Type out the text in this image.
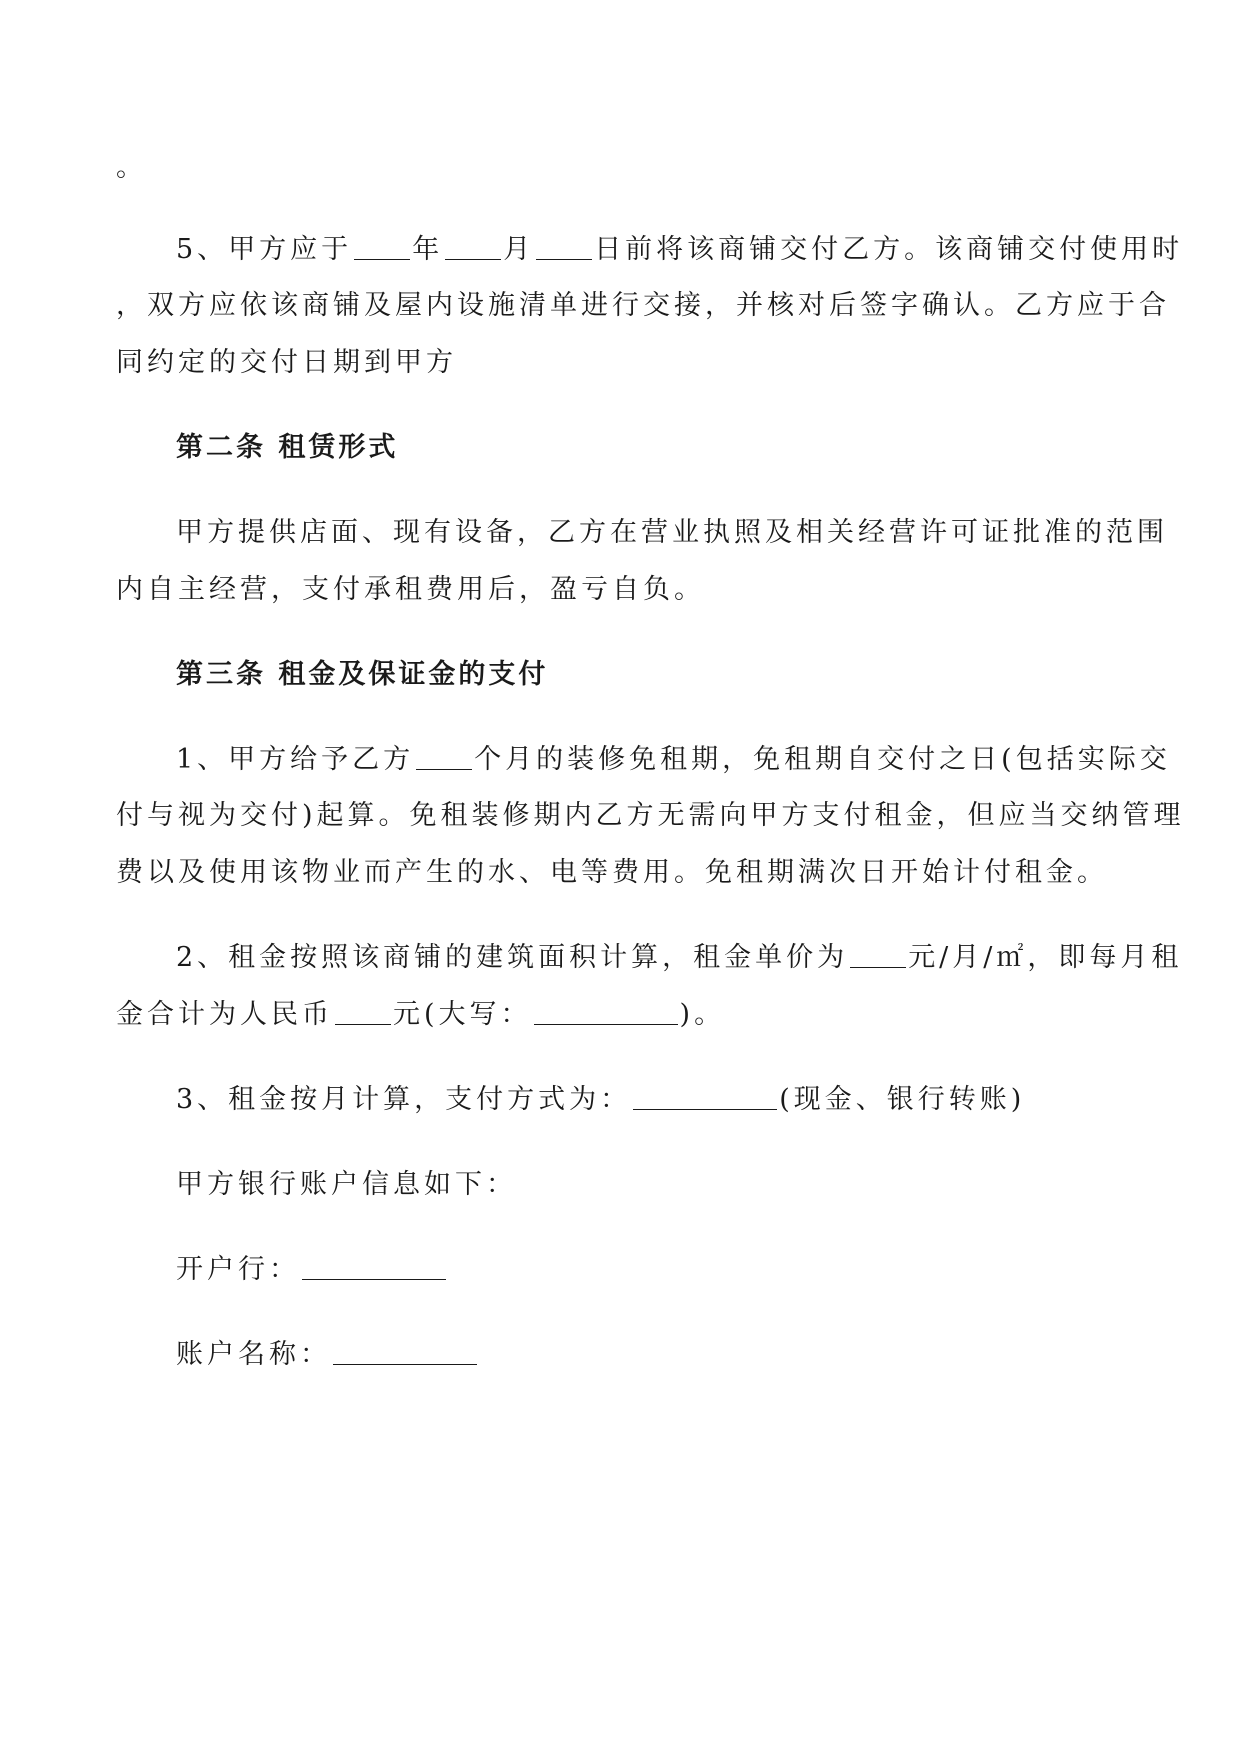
。
5、甲方应于 年 月 日前将该商铺交付乙方。该商铺交付使用时
，双方应依该商铺及屋内设施清单进行交接，并核对后签字确认。乙方应于合
同约定的交付日期到甲方
第二条 租赁形式
甲方提供店面、现有设备，乙方在营业执照及相关经营许可证批准的范围
内自主经营，支付承租费用后，盈亏自负。
第三条 租金及保证金的支付
1、甲方给予乙方 个月的装修免租期，免租期自交付之日(包括实际交
付与视为交付)起算。免租装修期内乙方无需向甲方支付租金，但应当交纳管理
费以及使用该物业而产生的水、电等费用。免租期满次日开始计付租金。
2、租金按照该商铺的建筑面积计算，租金单价为 元/月/㎡，即每月租
金合计为人民币 元(大写：	)。
3、租金按月计算，支付方式为：	(现金、银行转账)
甲方银行账户信息如下：
开户行：
账户名称：
